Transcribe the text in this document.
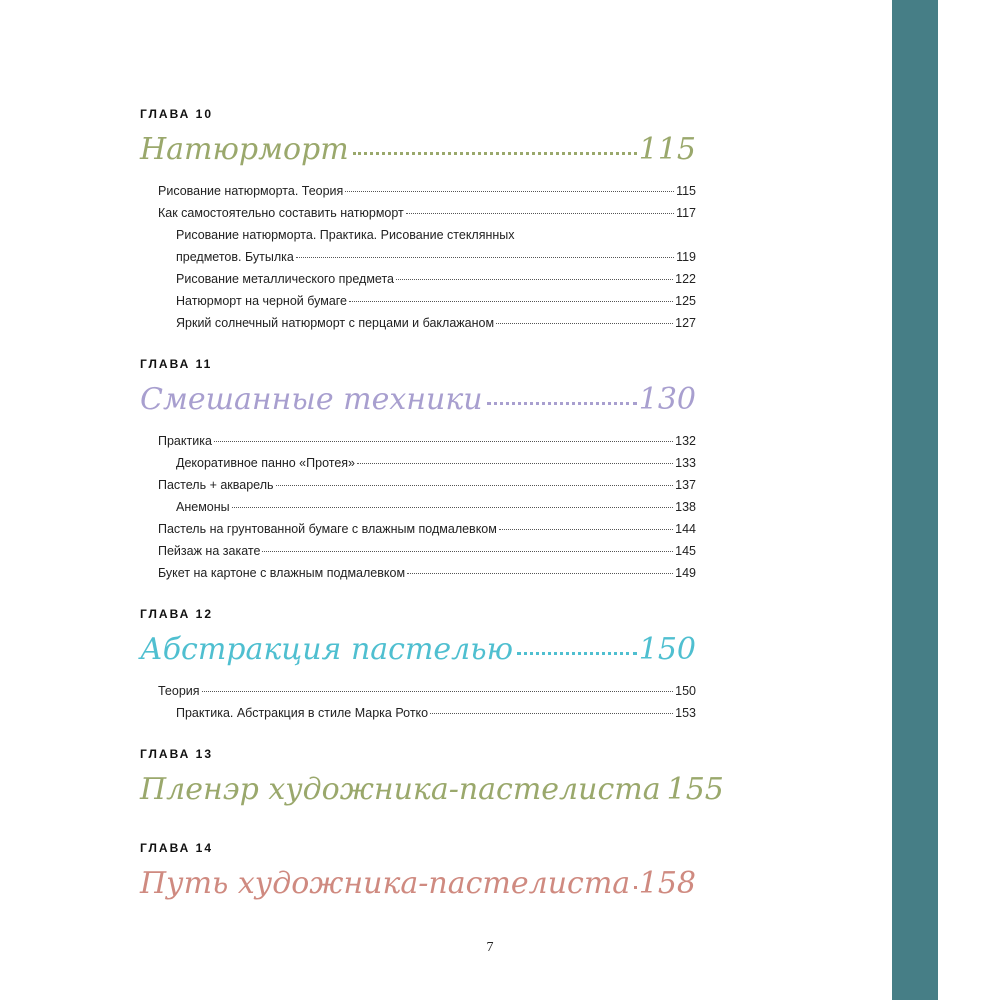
ГЛАВА 10
Натюрморт	115
Рисование натюрморта. Теория	115
Как самостоятельно составить натюрморт	117
Рисование натюрморта. Практика. Рисование стеклянных
предметов. Бутылка	119
Рисование металлического предмета	122
Натюрморт на черной бумаге	125
Яркий солнечный натюрморт с перцами и баклажаном	127
ГЛАВА 11
Смешанные техники	130
Практика	132
Декоративное панно «Протея»	133
Пастель + акварель	137
Анемоны	138
Пастель на грунтованной бумаге с влажным подмалевком	144
Пейзаж на закате	145
Букет на картоне с влажным подмалевком	149
ГЛАВА 12
Абстракция пастелью	150
Теория	150
Практика. Абстракция в стиле Марка Ротко	153
ГЛАВА 13
Пленэр художника-пастелиста 155
ГЛАВА 14
Путь художника-пастелиста 158
7
